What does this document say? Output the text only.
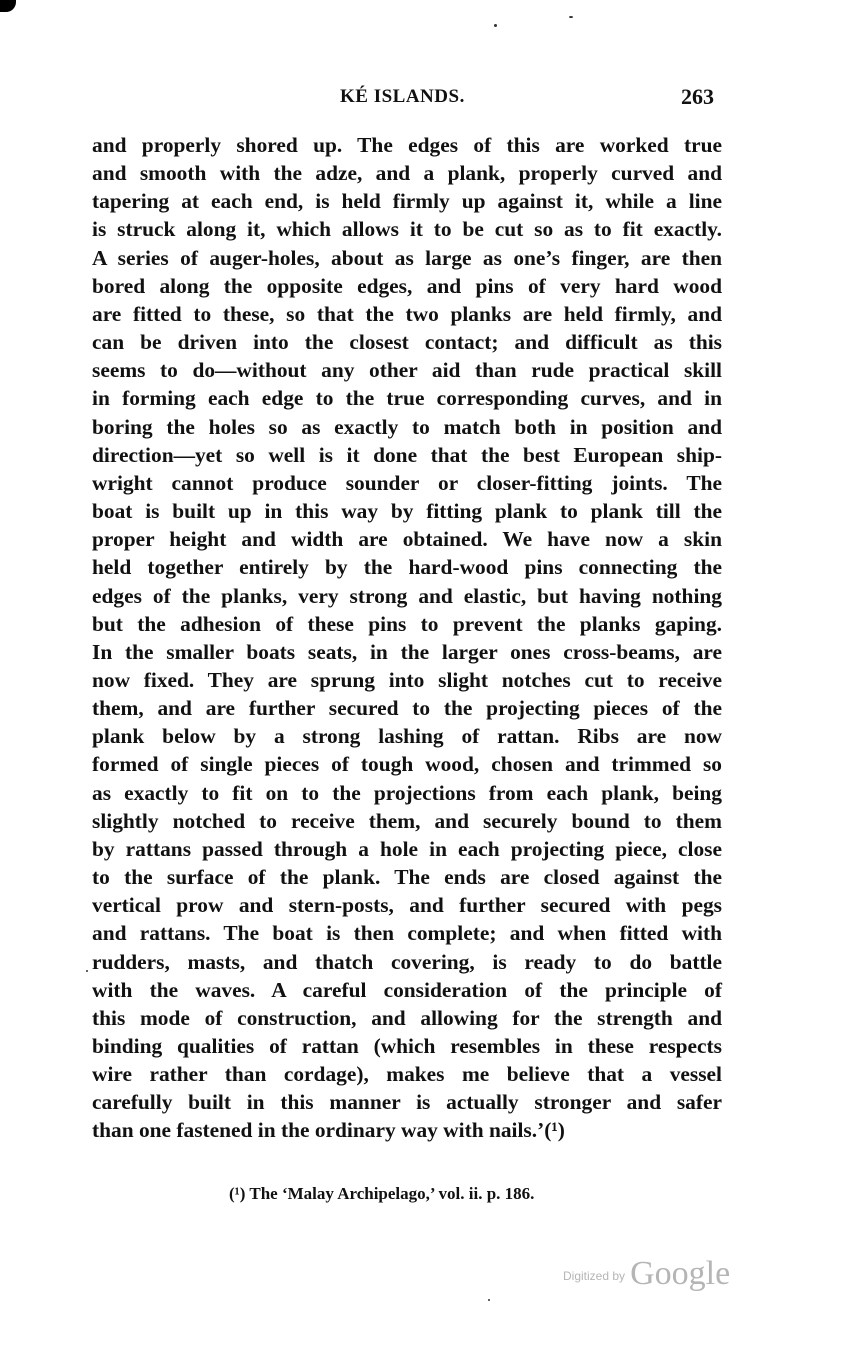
KÉ ISLANDS.	263
and properly shored up. The edges of this are worked true
and smooth with the adze, and a plank, properly curved and
tapering at each end, is held firmly up against it, while a line
is struck along it, which allows it to be cut so as to fit exactly.
A series of auger-holes, about as large as one’s finger, are then
bored along the opposite edges, and pins of very hard wood
are fitted to these, so that the two planks are held firmly, and
can be driven into the closest contact; and difficult as this
seems to do—without any other aid than rude practical skill
in forming each edge to the true corresponding curves, and in
boring the holes so as exactly to match both in position and
direction—yet so well is it done that the best European ship-
wright cannot produce sounder or closer-fitting joints. The
boat is built up in this way by fitting plank to plank till the
proper height and width are obtained. We have now a skin
held together entirely by the hard-wood pins connecting the
edges of the planks, very strong and elastic, but having nothing
but the adhesion of these pins to prevent the planks gaping.
In the smaller boats seats, in the larger ones cross-beams, are
now fixed. They are sprung into slight notches cut to receive
them, and are further secured to the projecting pieces of the
plank below by a strong lashing of rattan. Ribs are now
formed of single pieces of tough wood, chosen and trimmed so
as exactly to fit on to the projections from each plank, being
slightly notched to receive them, and securely bound to them
by rattans passed through a hole in each projecting piece, close
to the surface of the plank. The ends are closed against the
vertical prow and stern-posts, and further secured with pegs
and rattans. The boat is then complete; and when fitted with
rudders, masts, and thatch covering, is ready to do battle
with the waves. A careful consideration of the principle of
this mode of construction, and allowing for the strength and
binding qualities of rattan (which resembles in these respects
wire rather than cordage), makes me believe that a vessel
carefully built in this manner is actually stronger and safer
than one fastened in the ordinary way with nails.’(¹)
(¹) The ‘Malay Archipelago,’ vol. ii. p. 186.
$^{Digitized by}$ Google
